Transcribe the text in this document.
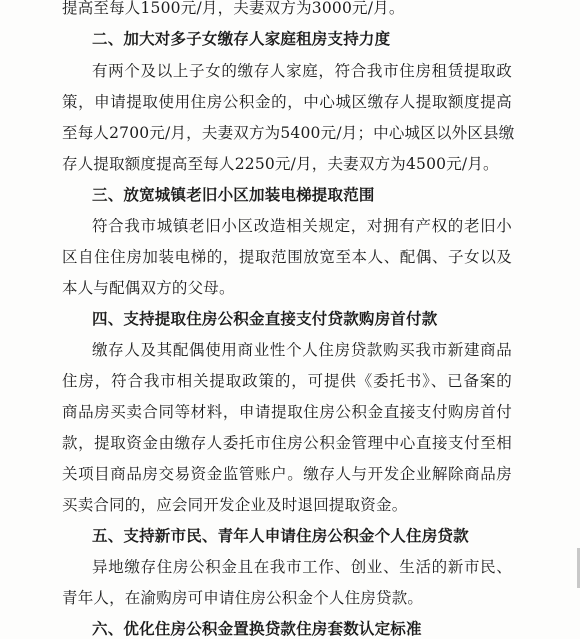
提高至每人1500元/月，夫妻双方为3000元/月。
二、加大对多子女缴存人家庭租房支持力度
有两个及以上子女的缴存人家庭，符合我市住房租赁提取政
策，申请提取使用住房公积金的，中心城区缴存人提取额度提高
至每人2700元/月，夫妻双方为5400元/月；中心城区以外区县缴
存人提取额度提高至每人2250元/月，夫妻双方为4500元/月。
三、放宽城镇老旧小区加装电梯提取范围
符合我市城镇老旧小区改造相关规定，对拥有产权的老旧小
区自住住房加装电梯的，提取范围放宽至本人、配偶、子女以及
本人与配偶双方的父母。
四、支持提取住房公积金直接支付贷款购房首付款
缴存人及其配偶使用商业性个人住房贷款购买我市新建商品
住房，符合我市相关提取政策的，可提供《委托书》、已备案的
商品房买卖合同等材料，申请提取住房公积金直接支付购房首付
款，提取资金由缴存人委托市住房公积金管理中心直接支付至相
关项目商品房交易资金监管账户。缴存人与开发企业解除商品房
买卖合同的，应会同开发企业及时退回提取资金。
五、支持新市民、青年人申请住房公积金个人住房贷款
异地缴存住房公积金且在我市工作、创业、生活的新市民、
青年人，在渝购房可申请住房公积金个人住房贷款。
六、优化住房公积金置换贷款住房套数认定标准
